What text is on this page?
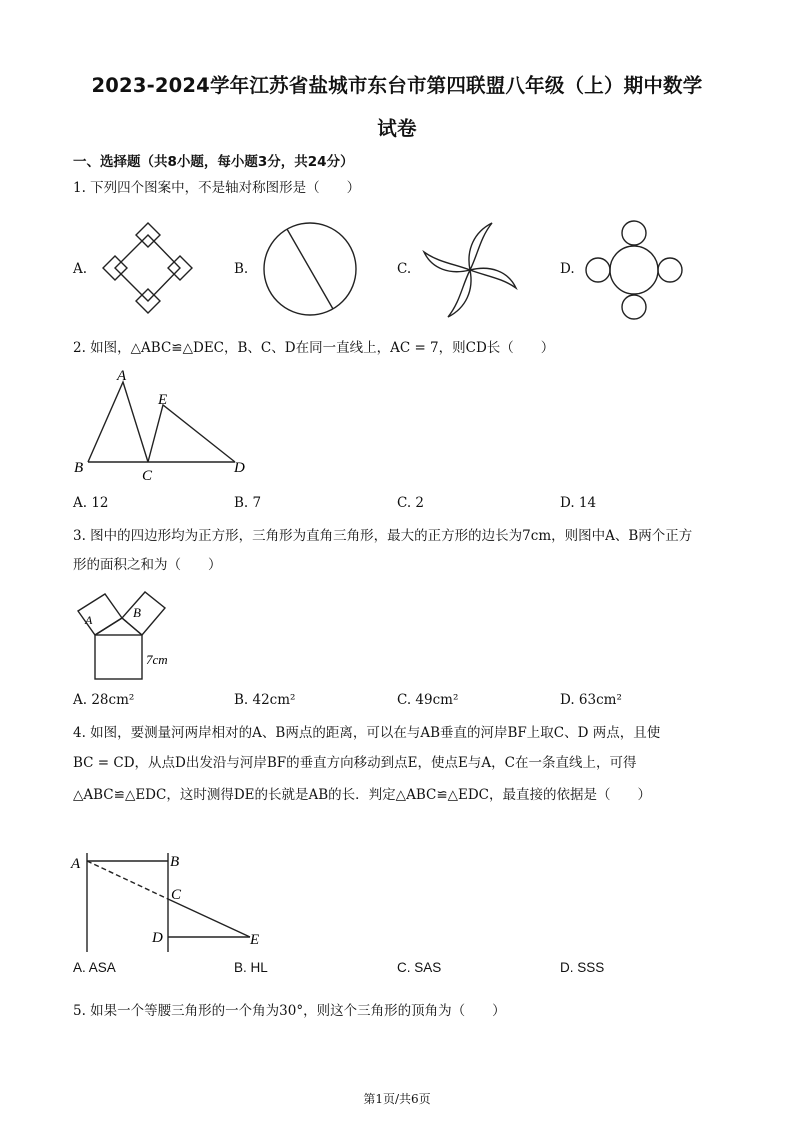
2023-2024学年江苏省盐城市东台市第四联盟八年级（上）期中数学
试卷
一、选择题（共8小题，每小题3分，共24分）
1. 下列四个图案中，不是轴对称图形是（　　）
A.	B.	C.	D.
2. 如图，△ABC≌△DEC，B、C、D在同一直线上，AC = 7，则CD长（　　）
A
E
B	C	D
A. 12	B. 7	C. 2	D. 14
3. 图中的四边形均为正方形，三角形为直角三角形，最大的正方形的边长为7cm，则图中A、B两个正方
形的面积之和为（　　）
A	B
7cm
A. 28cm²	B. 42cm²	C. 49cm²	D. 63cm²
4. 如图，要测量河两岸相对的A、B两点的距离，可以在与AB垂直的河岸BF上取C、D 两点，且使
BC = CD，从点D出发沿与河岸BF的垂直方向移动到点E，使点E与A，C在一条直线上，可得
△ABC≌△EDC，这时测得DE的长就是AB的长．判定△ABC≌△EDC，最直接的依据是（　　）
A	B
C
D	E
A. ASA	B. HL	C. SAS	D. SSS
5. 如果一个等腰三角形的一个角为30°，则这个三角形的顶角为（　　）
第1页/共6页
